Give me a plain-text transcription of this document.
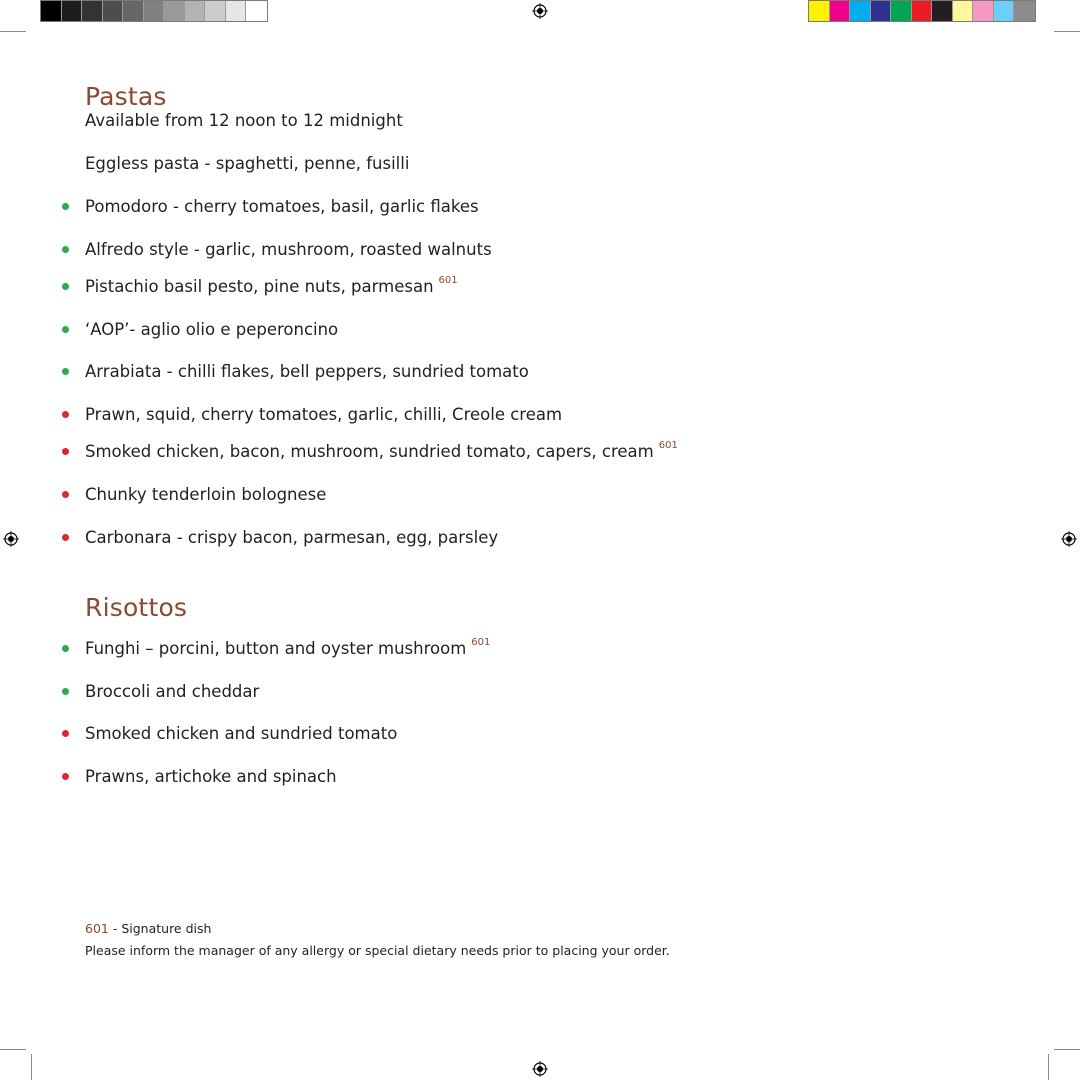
Pastas

Available from 12 noon to 12 midnight

Eggless pasta - spaghetti, penne, fusilli

Pomodoro - cherry tomatoes, basil, garlic flakes
Alfredo style - garlic, mushroom, roasted walnuts
Pistachio basil pesto, pine nuts, parmesan 601
‘AOP’- aglio olio e peperoncino
Arrabiata - chilli flakes, bell peppers, sundried tomato
Prawn, squid, cherry tomatoes, garlic, chilli, Creole cream
Smoked chicken, bacon, mushroom, sundried tomato, capers, cream 601
Chunky tenderloin bolognese
Carbonara - crispy bacon, parmesan, egg, parsley
Risottos
Funghi – porcini, button and oyster mushroom 601
Broccoli and cheddar
Smoked chicken and sundried tomato
Prawns, artichoke and spinach

601 - Signature dish

Please inform the manager of any allergy or special dietary needs prior to placing your order.
